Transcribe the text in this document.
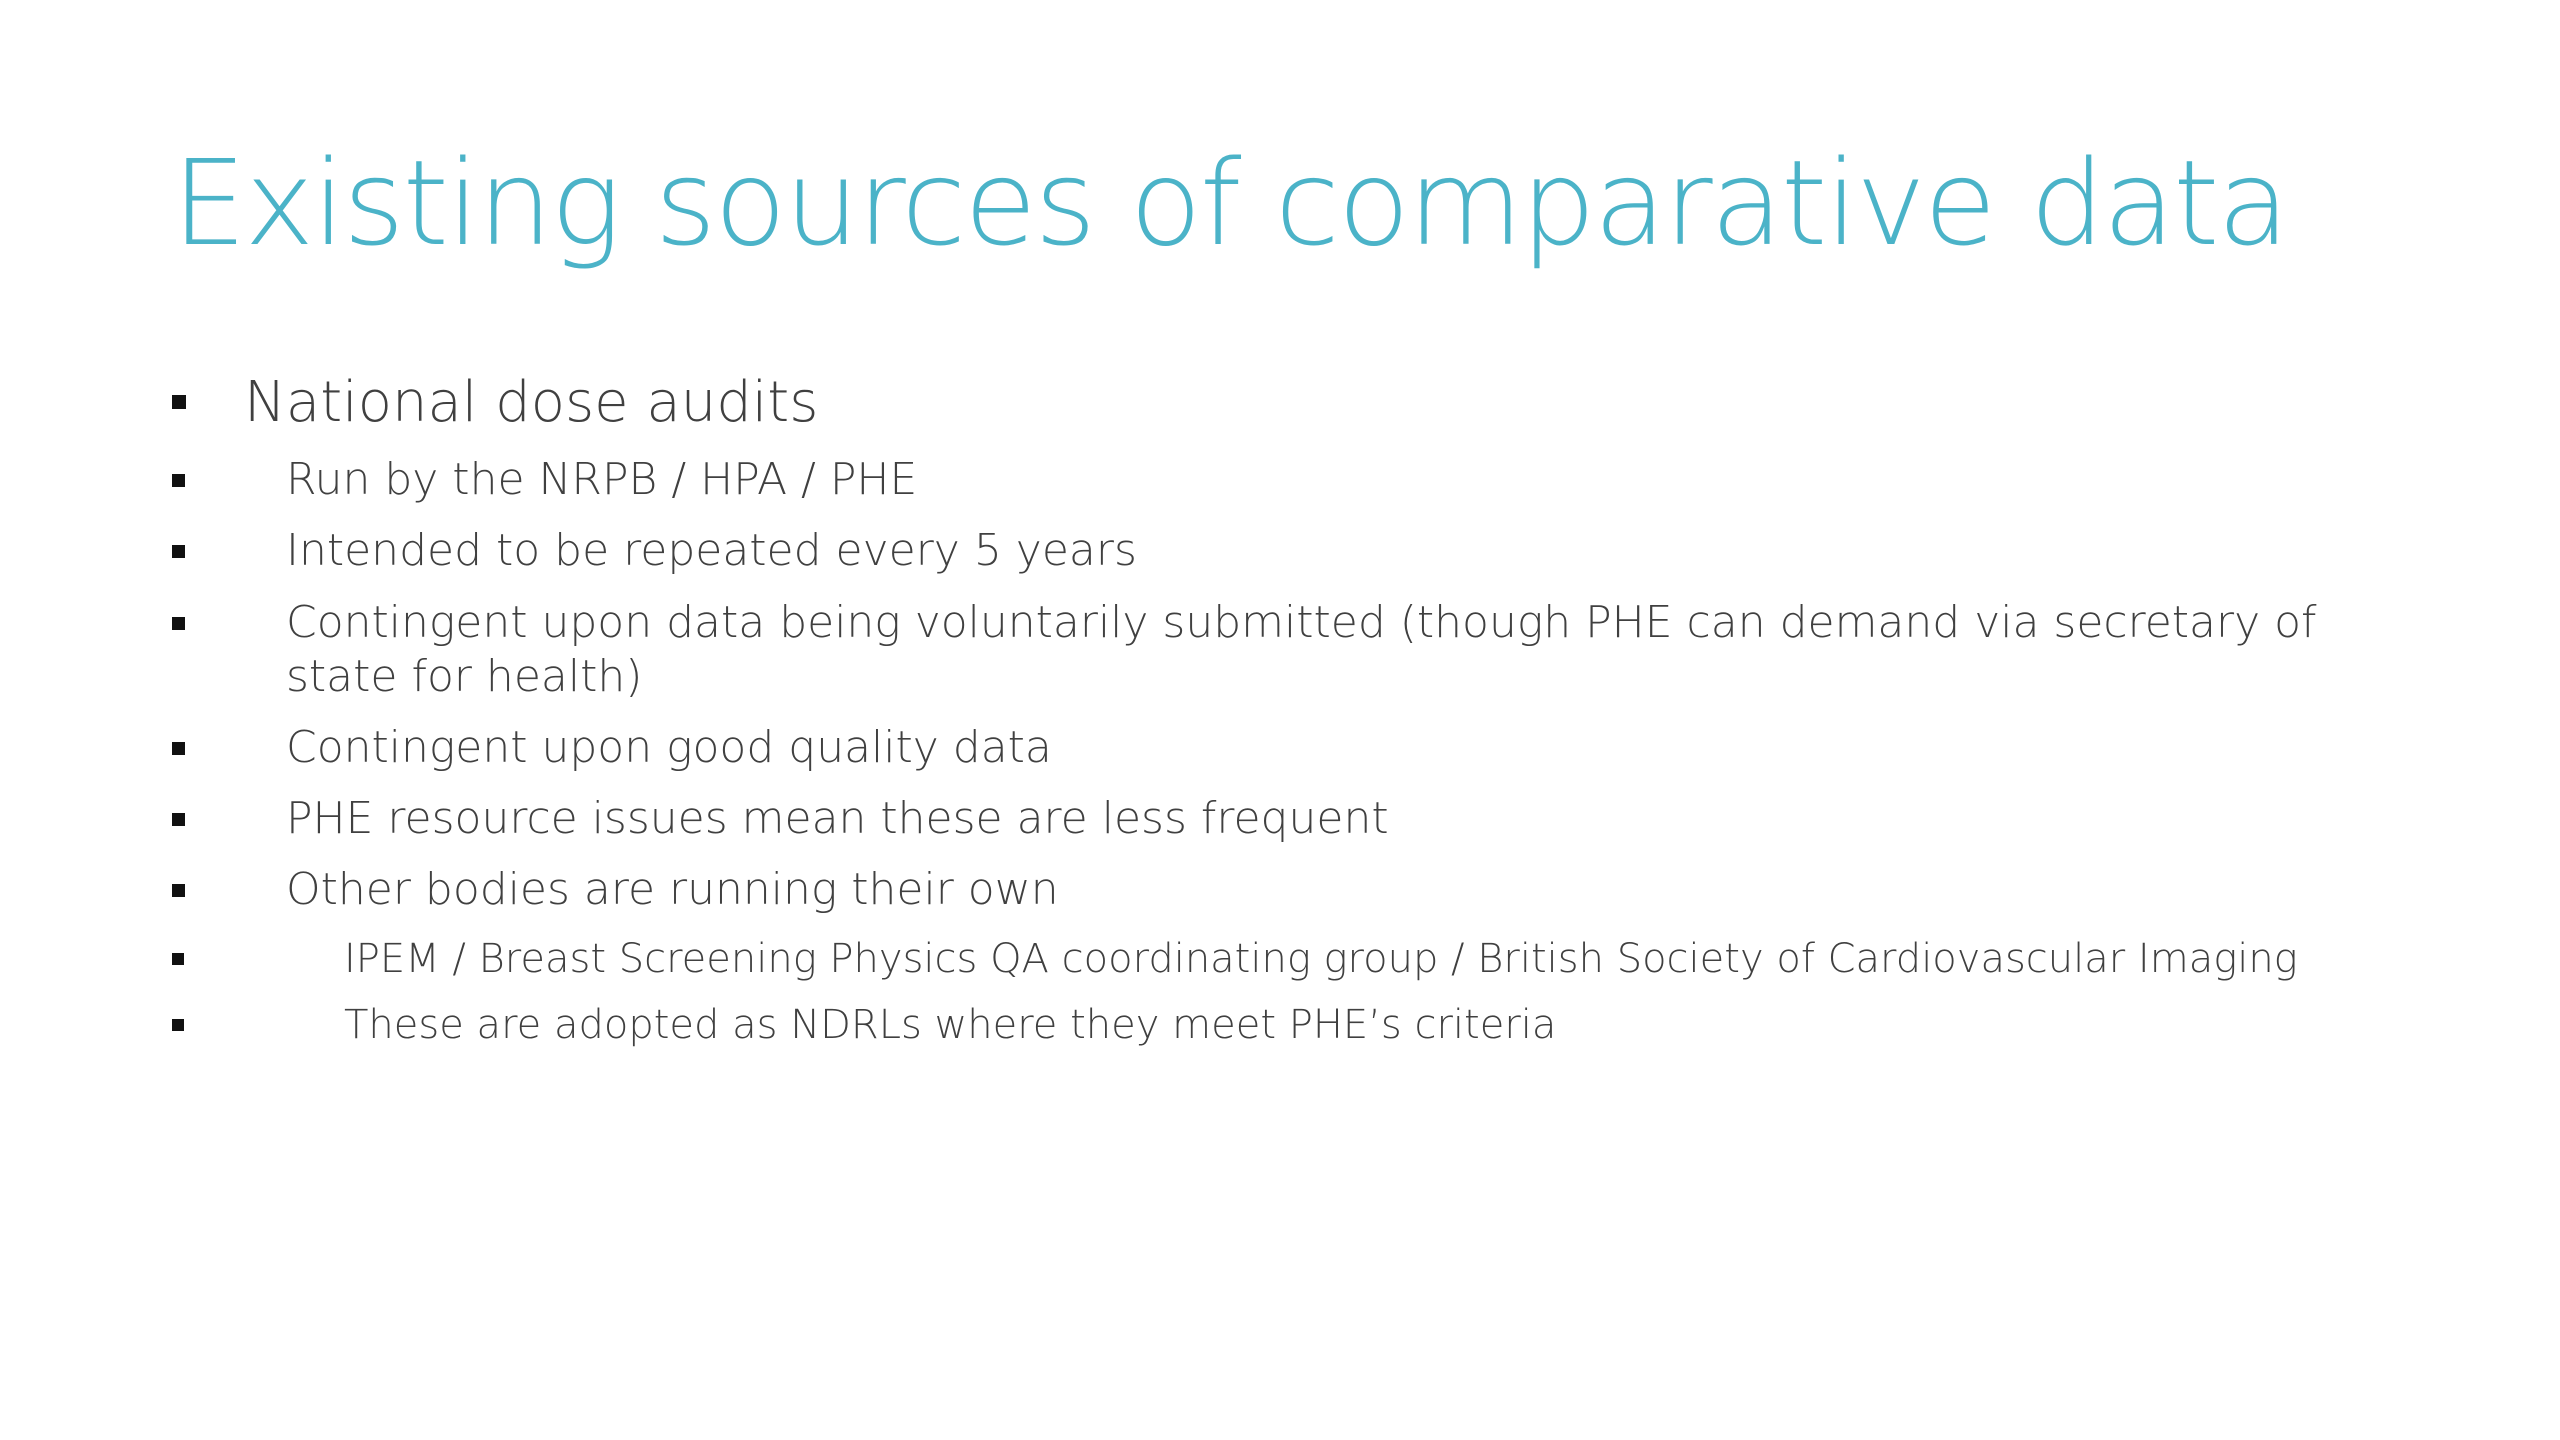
Existing sources of comparative data
National dose audits
Run by the NRPB / HPA / PHE
Intended to be repeated every 5 years
Contingent upon data being voluntarily submitted (though PHE can demand via secretary of state for health)
Contingent upon good quality data
PHE resource issues mean these are less frequent
Other bodies are running their own
IPEM / Breast Screening Physics QA coordinating group / British Society of Cardiovascular Imaging
These are adopted as NDRLs where they meet PHE’s criteria
